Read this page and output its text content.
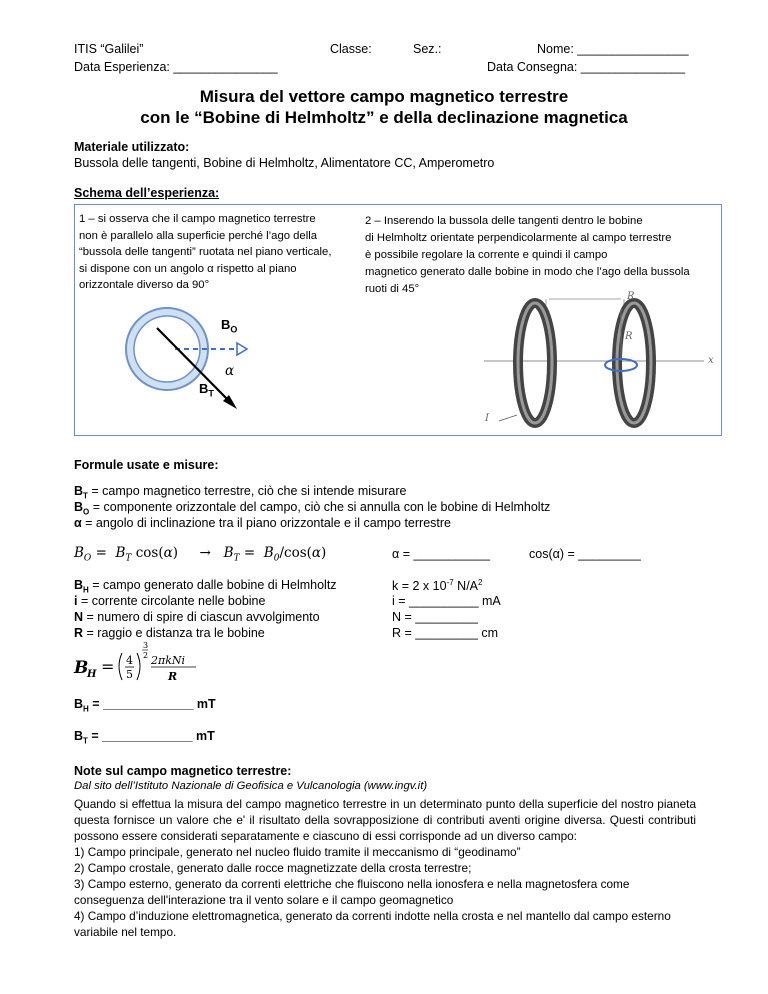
ITIS “Galilei”	Classe:	Sez.:	Nome: ________________
Data Esperienza: _______________	Data Consegna: _______________
Misura del vettore campo magnetico terrestre
con le “Bobine di Helmholtz” e della declinazione magnetica
Materiale utilizzato:
Bussola delle tangenti, Bobine di Helmholtz, Alimentatore CC, Amperometro
Schema dell’esperienza:
1 – si osserva che il campo magnetico terrestre
non è parallelo alla superficie perché l’ago della
“bussola delle tangenti” ruotata nel piano verticale,
si dispone con un angolo α rispetto al piano
orizzontale diverso da 90°
2 – Inserendo la bussola delle tangenti dentro le bobine
di Helmholtz orientate perpendicolarmente al campo terrestre
è possibile regolare la corrente e quindi il campo
magnetico generato dalle bobine in modo che l’ago della bussola
ruoti di 45°
$B_O$
α
$B_T$
R
R
x
I
Formule usate e misure:
$B_T$ = campo magnetico terrestre, ciò che si intende misurare
$B_O$ = componente orizzontale del campo, ciò che si annulla con le bobine di Helmholtz
α = angolo di inclinazione tra il piano orizzontale e il campo terrestre
$B_O = B_T$ $\cos(\alpha) \to B_T = B_0/\cos(\alpha)$	α = ___________	cos(α) = _________
$B_H$ = campo generato dalle bobine di Helmholtz
i = corrente circolante nelle bobine
N = numero di spire di ciascun avvolgimento
R = raggio e distanza tra le bobine
k = 2 x $10^{-7}$ $N/A^2$
i = __________ mA
N = _________
R = _________ cm
B
H = 4
5
3
2 2πkNi
R
$B_H$ = _____________ mT
$B_T$ = _____________ mT
Note sul campo magnetico terrestre:
Dal sito dell’Istituto Nazionale di Geofisica e Vulcanologia (www.ingv.it)
Quando si effettua la misura del campo magnetico terrestre in un determinato punto della superficie del nostro pianeta questa fornisce un valore che e' il risultato della sovrapposizione di contributi aventi origine diversa. Questi contributi possono essere considerati separatamente e ciascuno di essi corrisponde ad un diverso campo:
1) Campo principale, generato nel nucleo fluido tramite il meccanismo di “geodinamo”
2) Campo crostale, generato dalle rocce magnetizzate della crosta terrestre;
3) Campo esterno, generato da correnti elettriche che fluiscono nella ionosfera e nella magnetosfera come conseguenza dell'interazione tra il vento solare e il campo geomagnetico
4) Campo d’induzione elettromagnetica, generato da correnti indotte nella crosta e nel mantello dal campo esterno variabile nel tempo.
